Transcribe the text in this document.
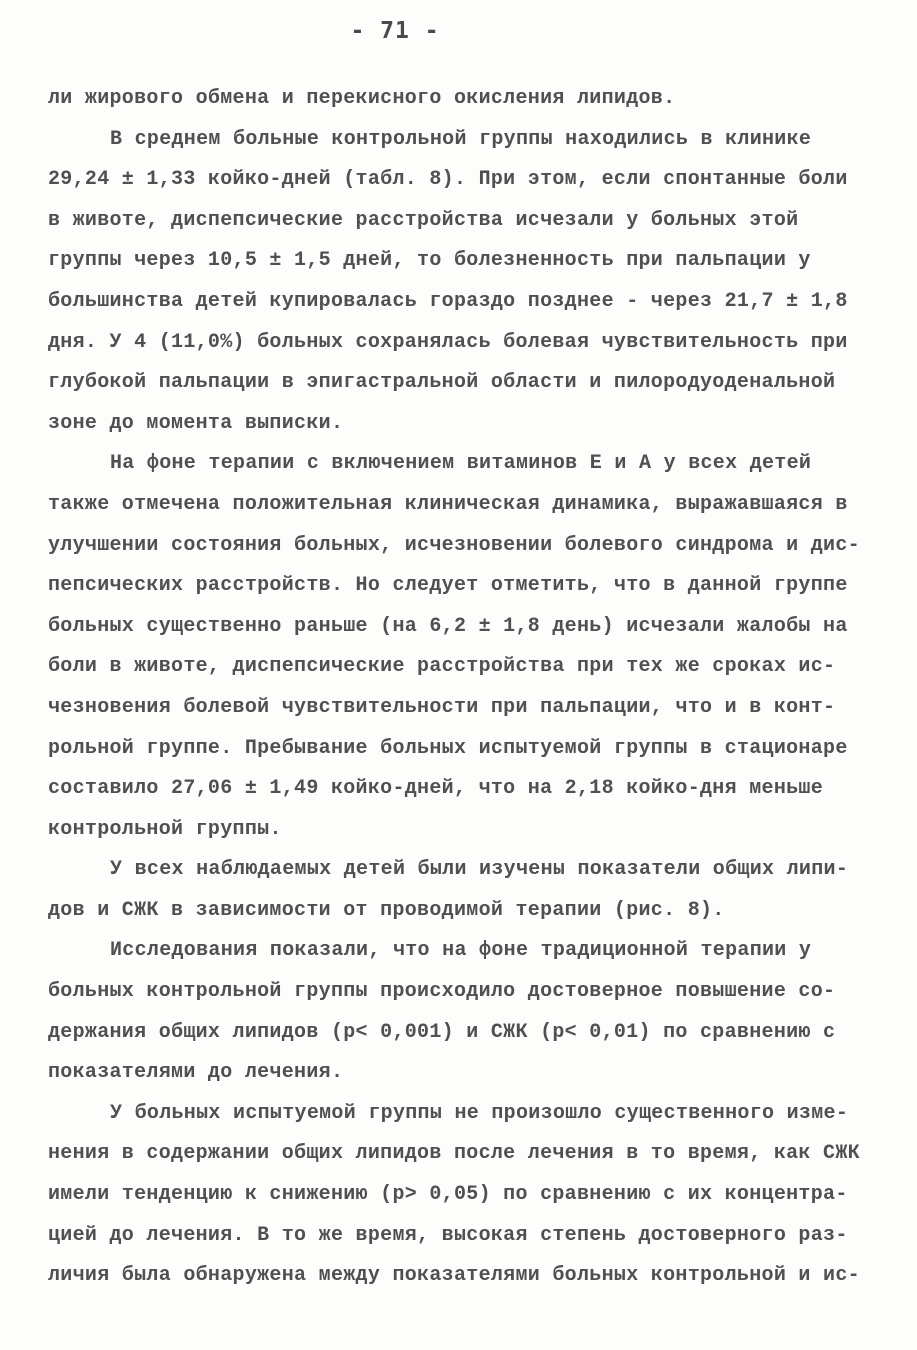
- 71 -

ли жирового обмена и перекисного окисления липидов.

В среднем больные контрольной группы находились в клинике
29,24 ± 1,33 койко-дней (табл. 8). При этом, если спонтанные боли
в животе, диспепсические расстройства исчезали у больных этой
группы через 10,5 ± 1,5 дней, то болезненность при пальпации у
большинства детей купировалась гораздо позднее - через 21,7 ± 1,8
дня. У 4 (11,0%) больных сохранялась болевая чувствительность при
глубокой пальпации в эпигастральной области и пилородуоденальной
зоне до момента выписки.

На фоне терапии с включением витаминов Е и А у всех детей
также отмечена положительная клиническая динамика, выражавшаяся в
улучшении состояния больных, исчезновении болевого синдрома и дис-
пепсических расстройств. Но следует отметить, что в данной группе
больных существенно раньше (на 6,2 ± 1,8 день) исчезали жалобы на
боли в животе, диспепсические расстройства при тех же сроках ис-
чезновения болевой чувствительности при пальпации, что и в конт-
рольной группе. Пребывание больных испытуемой группы в стационаре
составило 27,06 ± 1,49 койко-дней, что на 2,18 койко-дня меньше
контрольной группы.

У всех наблюдаемых детей были изучены показатели общих липи-
дов и СЖК в зависимости от проводимой терапии (рис. 8).

Исследования показали, что на фоне традиционной терапии у
больных контрольной группы происходило достоверное повышение со-
держания общих липидов (p< 0,001) и СЖК (p< 0,01) по сравнению с
показателями до лечения.

У больных испытуемой группы не произошло существенного изме-
нения в содержании общих липидов после лечения в то время, как СЖК
имели тенденцию к снижению (p> 0,05) по сравнению с их концентра-
цией до лечения. В то же время, высокая степень достоверного раз-
личия была обнаружена между показателями больных контрольной и ис-
